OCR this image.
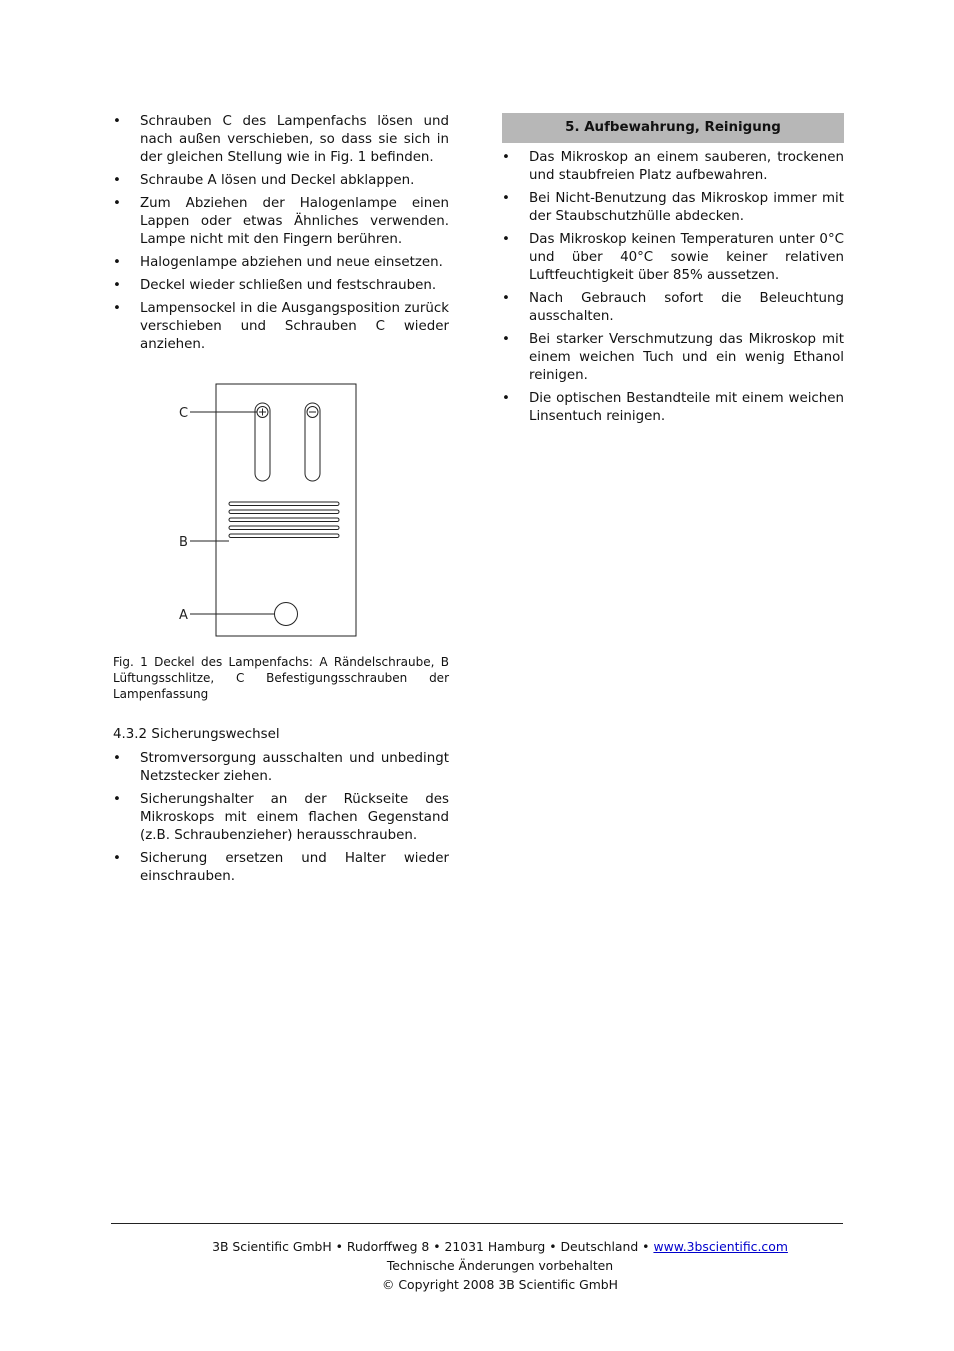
• Schrauben C des Lampenfachs lösen und nach außen verschieben, so dass sie sich in der gleichen Stellung wie in Fig. 1 befinden.
• Schraube A lösen und Deckel abklappen.
• Zum Abziehen der Halogenlampe einen Lappen oder etwas Ähnliches verwenden. Lampe nicht mit den Fingern berühren.
• Halogenlampe abziehen und neue einsetzen.
• Deckel wieder schließen und festschrauben.
• Lampensockel in die Ausgangsposition zurück verschieben und Schrauben C wieder anziehen.
C
B
A
Fig. 1 Deckel des Lampenfachs: A Rändelschraube, B Lüftungsschlitze, C Befestigungsschrauben der Lampenfassung
4.3.2 Sicherungswechsel
• Stromversorgung ausschalten und unbedingt Netzstecker ziehen.
• Sicherungshalter an der Rückseite des Mikroskops mit einem flachen Gegenstand (z.B. Schraubenzieher) herausschrauben.
• Sicherung ersetzen und Halter wieder einschrauben.
5. Aufbewahrung, Reinigung
• Das Mikroskop an einem sauberen, trockenen und staubfreien Platz aufbewahren.
• Bei Nicht-Benutzung das Mikroskop immer mit der Staubschutzhülle abdecken.
• Das Mikroskop keinen Temperaturen unter 0°C und über 40°C sowie keiner relativen Luftfeuchtigkeit über 85% aussetzen.
• Nach Gebrauch sofort die Beleuchtung ausschalten.
• Bei starker Verschmutzung das Mikroskop mit einem weichen Tuch und ein wenig Ethanol reinigen.
• Die optischen Bestandteile mit einem weichen Linsentuch reinigen.
3B Scientific GmbH • Rudorffweg 8 • 21031 Hamburg • Deutschland • www.3bscientific.com
Technische Änderungen vorbehalten
© Copyright 2008 3B Scientific GmbH
